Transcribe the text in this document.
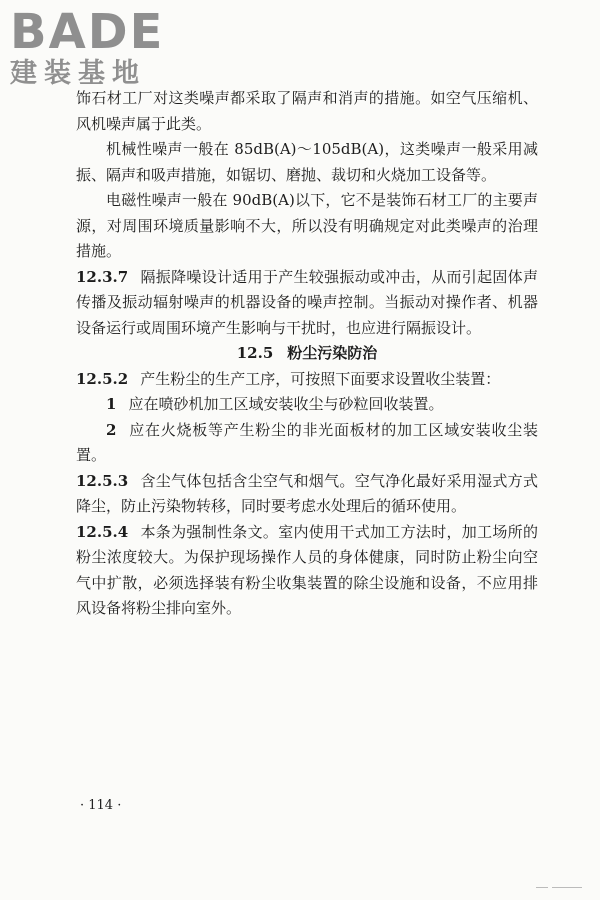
BADE
建装基地

饰石材工厂对这类噪声都采取了隔声和消声的措施。如空气压缩机、风机噪声属于此类。

机械性噪声一般在 85dB(A)～105dB(A)，这类噪声一般采用减振、隔声和吸声措施，如锯切、磨抛、裁切和火烧加工设备等。

电磁性噪声一般在 90dB(A)以下，它不是装饰石材工厂的主要声源，对周围环境质量影响不大，所以没有明确规定对此类噪声的治理措施。

12.3.7 隔振降噪设计适用于产生较强振动或冲击，从而引起固体声传播及振动辐射噪声的机器设备的噪声控制。当振动对操作者、机器设备运行或周围环境产生影响与干扰时，也应进行隔振设计。

12.5 粉尘污染防治

12.5.2 产生粉尘的生产工序，可按照下面要求设置收尘装置：

1 应在喷砂机加工区域安装收尘与砂粒回收装置。

2 应在火烧板等产生粉尘的非光面板材的加工区域安装收尘装置。

12.5.3 含尘气体包括含尘空气和烟气。空气净化最好采用湿式方式降尘，防止污染物转移，同时要考虑水处理后的循环使用。

12.5.4 本条为强制性条文。室内使用干式加工方法时，加工场所的粉尘浓度较大。为保护现场操作人员的身体健康，同时防止粉尘向空气中扩散，必须选择装有粉尘收集装置的除尘设施和设备，不应用排风设备将粉尘排向室外。

· 114 ·
